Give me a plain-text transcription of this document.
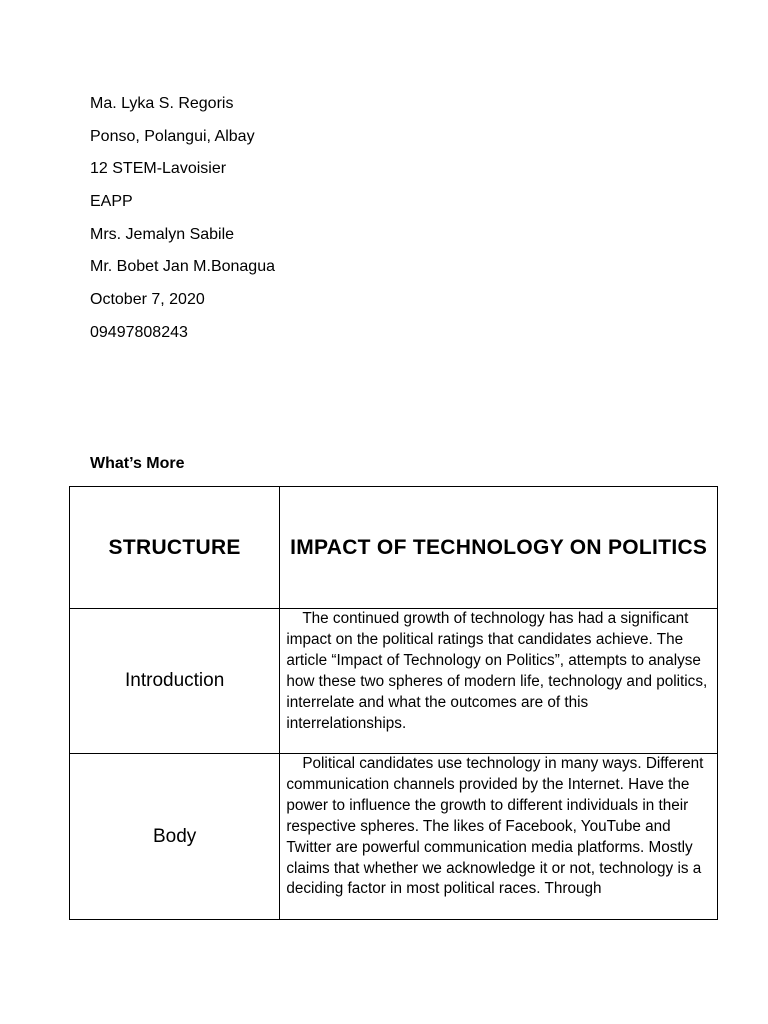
Ma. Lyka S. Regoris
Ponso, Polangui, Albay
12 STEM-Lavoisier
EAPP
Mrs. Jemalyn Sabile
Mr. Bobet Jan M.Bonagua
October 7, 2020
09497808243
What’s More
STRUCTURE	IMPACT OF TECHNOLOGY ON POLITICS
Introduction	The continued growth of technology has had a significant impact on the political ratings that candidates achieve. The article “Impact of Technology on Politics”, attempts to analyse how these two spheres of modern life, technology and politics, interrelate and what the outcomes are of this interrelationships.

Body	Political candidates use technology in many ways. Different communication channels provided by the Internet. Have the power to influence the growth to different individuals in their respective spheres. The likes of Facebook, YouTube and Twitter are powerful communication media platforms. Mostly claims that whether we acknowledge it or not, technology is a deciding factor in most political races. Through
